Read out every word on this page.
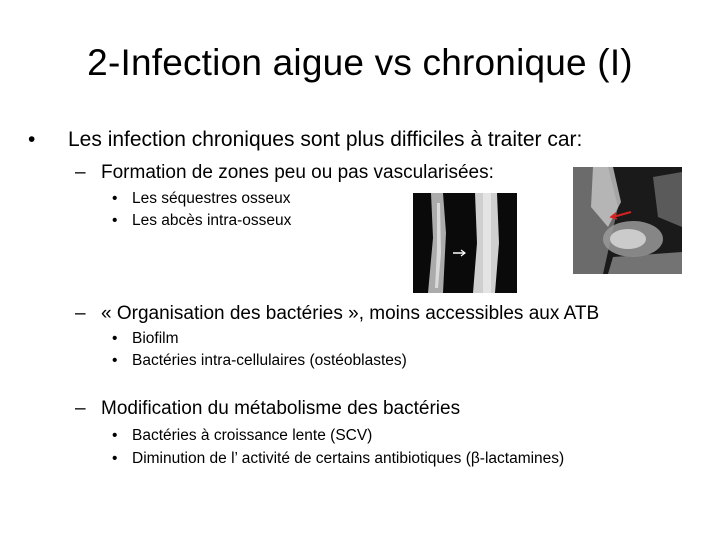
2-Infection aigue vs chronique (I)
• Les infection chroniques sont plus difficiles à traiter car:
– Formation de zones peu ou pas vascularisées:
• Les séquestres osseux
• Les abcès intra-osseux
– « Organisation des bactéries », moins accessibles aux ATB
• Biofilm
• Bactéries intra-cellulaires (ostéoblastes)
– Modification du métabolisme des bactéries
• Bactéries à croissance lente (SCV)
• Diminution de l’ activité de certains antibiotiques (β-lactamines)
